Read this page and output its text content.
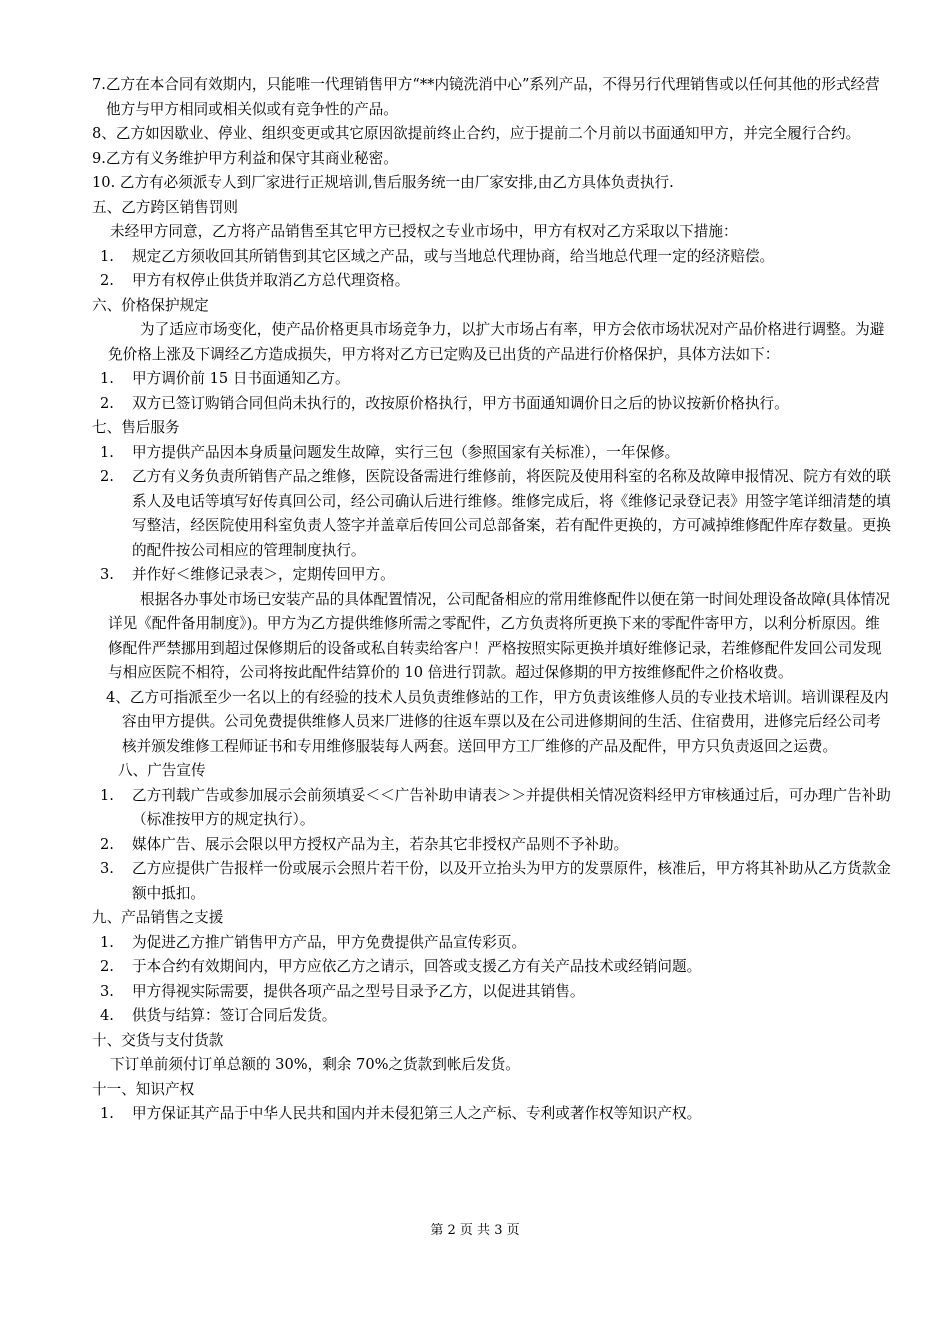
7.乙方在本合同有效期内，只能唯一代理销售甲方“**内镜洗消中心”系列产品，不得另行代理销售或以任何其他的形式经营他方与甲方相同或相关似或有竞争性的产品。

8、乙方如因歇业、停业、组织变更或其它原因欲提前终止合约，应于提前二个月前以书面通知甲方，并完全履行合约。

9.乙方有义务维护甲方利益和保守其商业秘密。

10. 乙方有必须派专人到厂家进行正规培训,售后服务统一由厂家安排,由乙方具体负责执行.

五、乙方跨区销售罚则

未经甲方同意，乙方将产品销售至其它甲方已授权之专业市场中，甲方有权对乙方采取以下措施：

1. 规定乙方须收回其所销售到其它区域之产品，或与当地总代理协商，给当地总代理一定的经济赔偿。
2. 甲方有权停止供货并取消乙方总代理资格。

六、价格保护规定

为了适应市场变化，使产品价格更具市场竞争力，以扩大市场占有率，甲方会依市场状况对产品价格进行调整。为避免价格上涨及下调经乙方造成损失，甲方将对乙方已定购及已出货的产品进行价格保护，具体方法如下：

1. 甲方调价前 15 日书面通知乙方。
2. 双方已签订购销合同但尚未执行的，改按原价格执行，甲方书面通知调价日之后的协议按新价格执行。

七、售后服务

1. 甲方提供产品因本身质量问题发生故障，实行三包（参照国家有关标准），一年保修。
2. 乙方有义务负责所销售产品之维修，医院设备需进行维修前，将医院及使用科室的名称及故障申报情况、院方有效的联系人及电话等填写好传真回公司，经公司确认后进行维修。维修完成后，将《维修记录登记表》用签字笔详细清楚的填写整洁，经医院使用科室负责人签字并盖章后传回公司总部备案，若有配件更换的，方可减掉维修配件库存数量。更换的配件按公司相应的管理制度执行。
3. 并作好＜维修记录表＞，定期传回甲方。

根据各办事处市场已安装产品的具体配置情况，公司配备相应的常用维修配件以便在第一时间处理设备故障(具体情况详见《配件备用制度》)。甲方为乙方提供维修所需之零配件，乙方负责将所更换下来的零配件寄甲方，以利分析原因。维修配件严禁挪用到超过保修期后的设备或私自转卖给客户！严格按照实际更换并填好维修记录，若维修配件发回公司发现与相应医院不相符，公司将按此配件结算价的 10 倍进行罚款。超过保修期的甲方按维修配件之价格收费。

4、乙方可指派至少一名以上的有经验的技术人员负责维修站的工作，甲方负责该维修人员的专业技术培训。培训课程及内容由甲方提供。公司免费提供维修人员来厂进修的往返车票以及在公司进修期间的生活、住宿费用，进修完后经公司考核并颁发维修工程师证书和专用维修服装每人两套。送回甲方工厂维修的产品及配件，甲方只负责返回之运费。

八、广告宣传

1. 乙方刊载广告或参加展示会前须填妥＜＜广告补助申请表＞＞并提供相关情况资料经甲方审核通过后，可办理广告补助（标准按甲方的规定执行）。
2. 媒体广告、展示会限以甲方授权产品为主，若杂其它非授权产品则不予补助。
3. 乙方应提供广告报样一份或展示会照片若干份，以及开立抬头为甲方的发票原件，核准后，甲方将其补助从乙方货款金额中抵扣。

九、产品销售之支援

1. 为促进乙方推广销售甲方产品，甲方免费提供产品宣传彩页。
2. 于本合约有效期间内，甲方应依乙方之请示，回答或支援乙方有关产品技术或经销问题。
3. 甲方得视实际需要，提供各项产品之型号目录予乙方，以促进其销售。
4. 供货与结算：签订合同后发货。

十、交货与支付货款

下订单前须付订单总额的 30%，剩余 70%之货款到帐后发货。

十一、知识产权

1. 甲方保证其产品于中华人民共和国内并未侵犯第三人之产标、专利或著作权等知识产权。
第 2 页 共 3 页
